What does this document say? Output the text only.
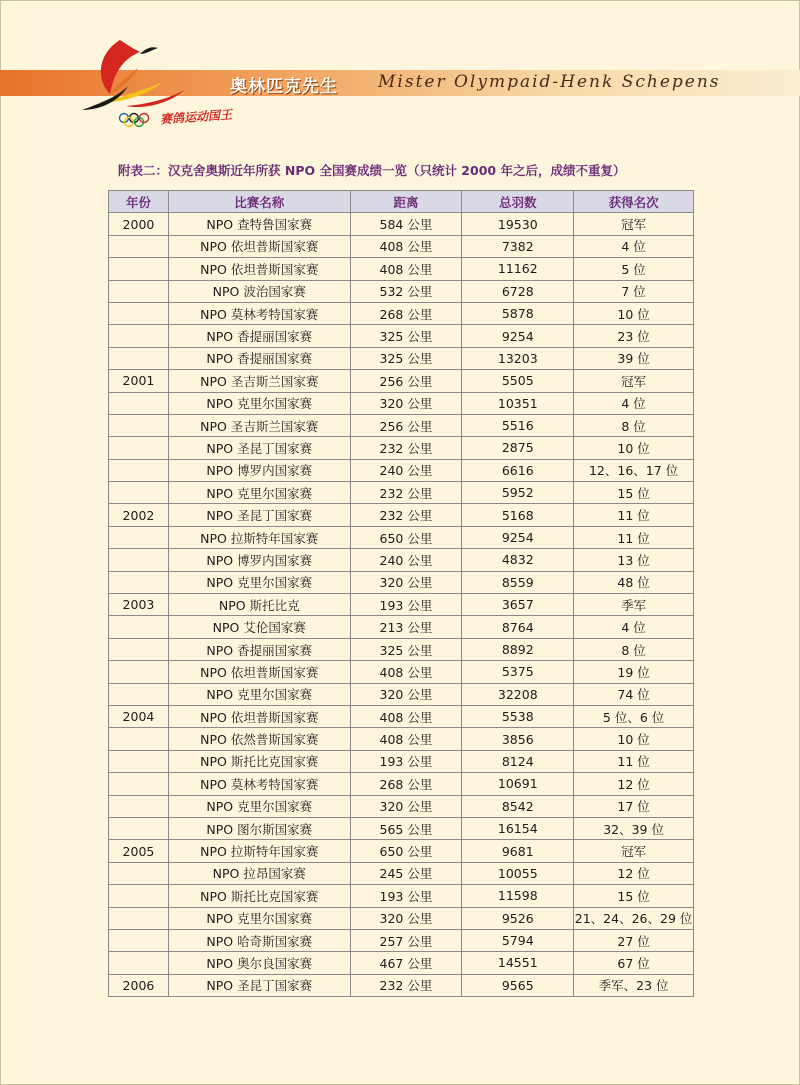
奥林匹克先生 Mister Olympaid-Henk Schepens
赛鸽运动国王
附表二：汉克舍奥斯近年所获 NPO 全国赛成绩一览（只统计 2000 年之后，成绩不重复）
年份	比赛名称	距离	总羽数	获得名次
2000	NPO 查特鲁国家赛	584 公里	19530	冠军
	NPO 依坦普斯国家赛	408 公里	7382	4 位
	NPO 依坦普斯国家赛	408 公里	11162	5 位
	NPO 波治国家赛	532 公里	6728	7 位
	NPO 莫林考特国家赛	268 公里	5878	10 位
	NPO 香提丽国家赛	325 公里	9254	23 位
	NPO 香提丽国家赛	325 公里	13203	39 位
2001	NPO 圣吉斯兰国家赛	256 公里	5505	冠军
	NPO 克里尔国家赛	320 公里	10351	4 位
	NPO 圣吉斯兰国家赛	256 公里	5516	8 位
	NPO 圣昆丁国家赛	232 公里	2875	10 位
	NPO 博罗内国家赛	240 公里	6616	12、16、17 位
	NPO 克里尔国家赛	232 公里	5952	15 位
2002	NPO 圣昆丁国家赛	232 公里	5168	11 位
	NPO 拉斯特年国家赛	650 公里	9254	11 位
	NPO 博罗内国家赛	240 公里	4832	13 位
	NPO 克里尔国家赛	320 公里	8559	48 位
2003	NPO 斯托比克	193 公里	3657	季军
	NPO 艾伦国家赛	213 公里	8764	4 位
	NPO 香提丽国家赛	325 公里	8892	8 位
	NPO 依坦普斯国家赛	408 公里	5375	19 位
	NPO 克里尔国家赛	320 公里	32208	74 位
2004	NPO 依坦普斯国家赛	408 公里	5538	5 位、6 位
	NPO 依然普斯国家赛	408 公里	3856	10 位
	NPO 斯托比克国家赛	193 公里	8124	11 位
	NPO 莫林考特国家赛	268 公里	10691	12 位
	NPO 克里尔国家赛	320 公里	8542	17 位
	NPO 图尔斯国家赛	565 公里	16154	32、39 位
2005	NPO 拉斯特年国家赛	650 公里	9681	冠军
	NPO 拉昂国家赛	245 公里	10055	12 位
	NPO 斯托比克国家赛	193 公里	11598	15 位
	NPO 克里尔国家赛	320 公里	9526	21、24、26、29 位
	NPO 哈奇斯国家赛	257 公里	5794	27 位
	NPO 奥尔良国家赛	467 公里	14551	67 位
2006	NPO 圣昆丁国家赛	232 公里	9565	季军、23 位
